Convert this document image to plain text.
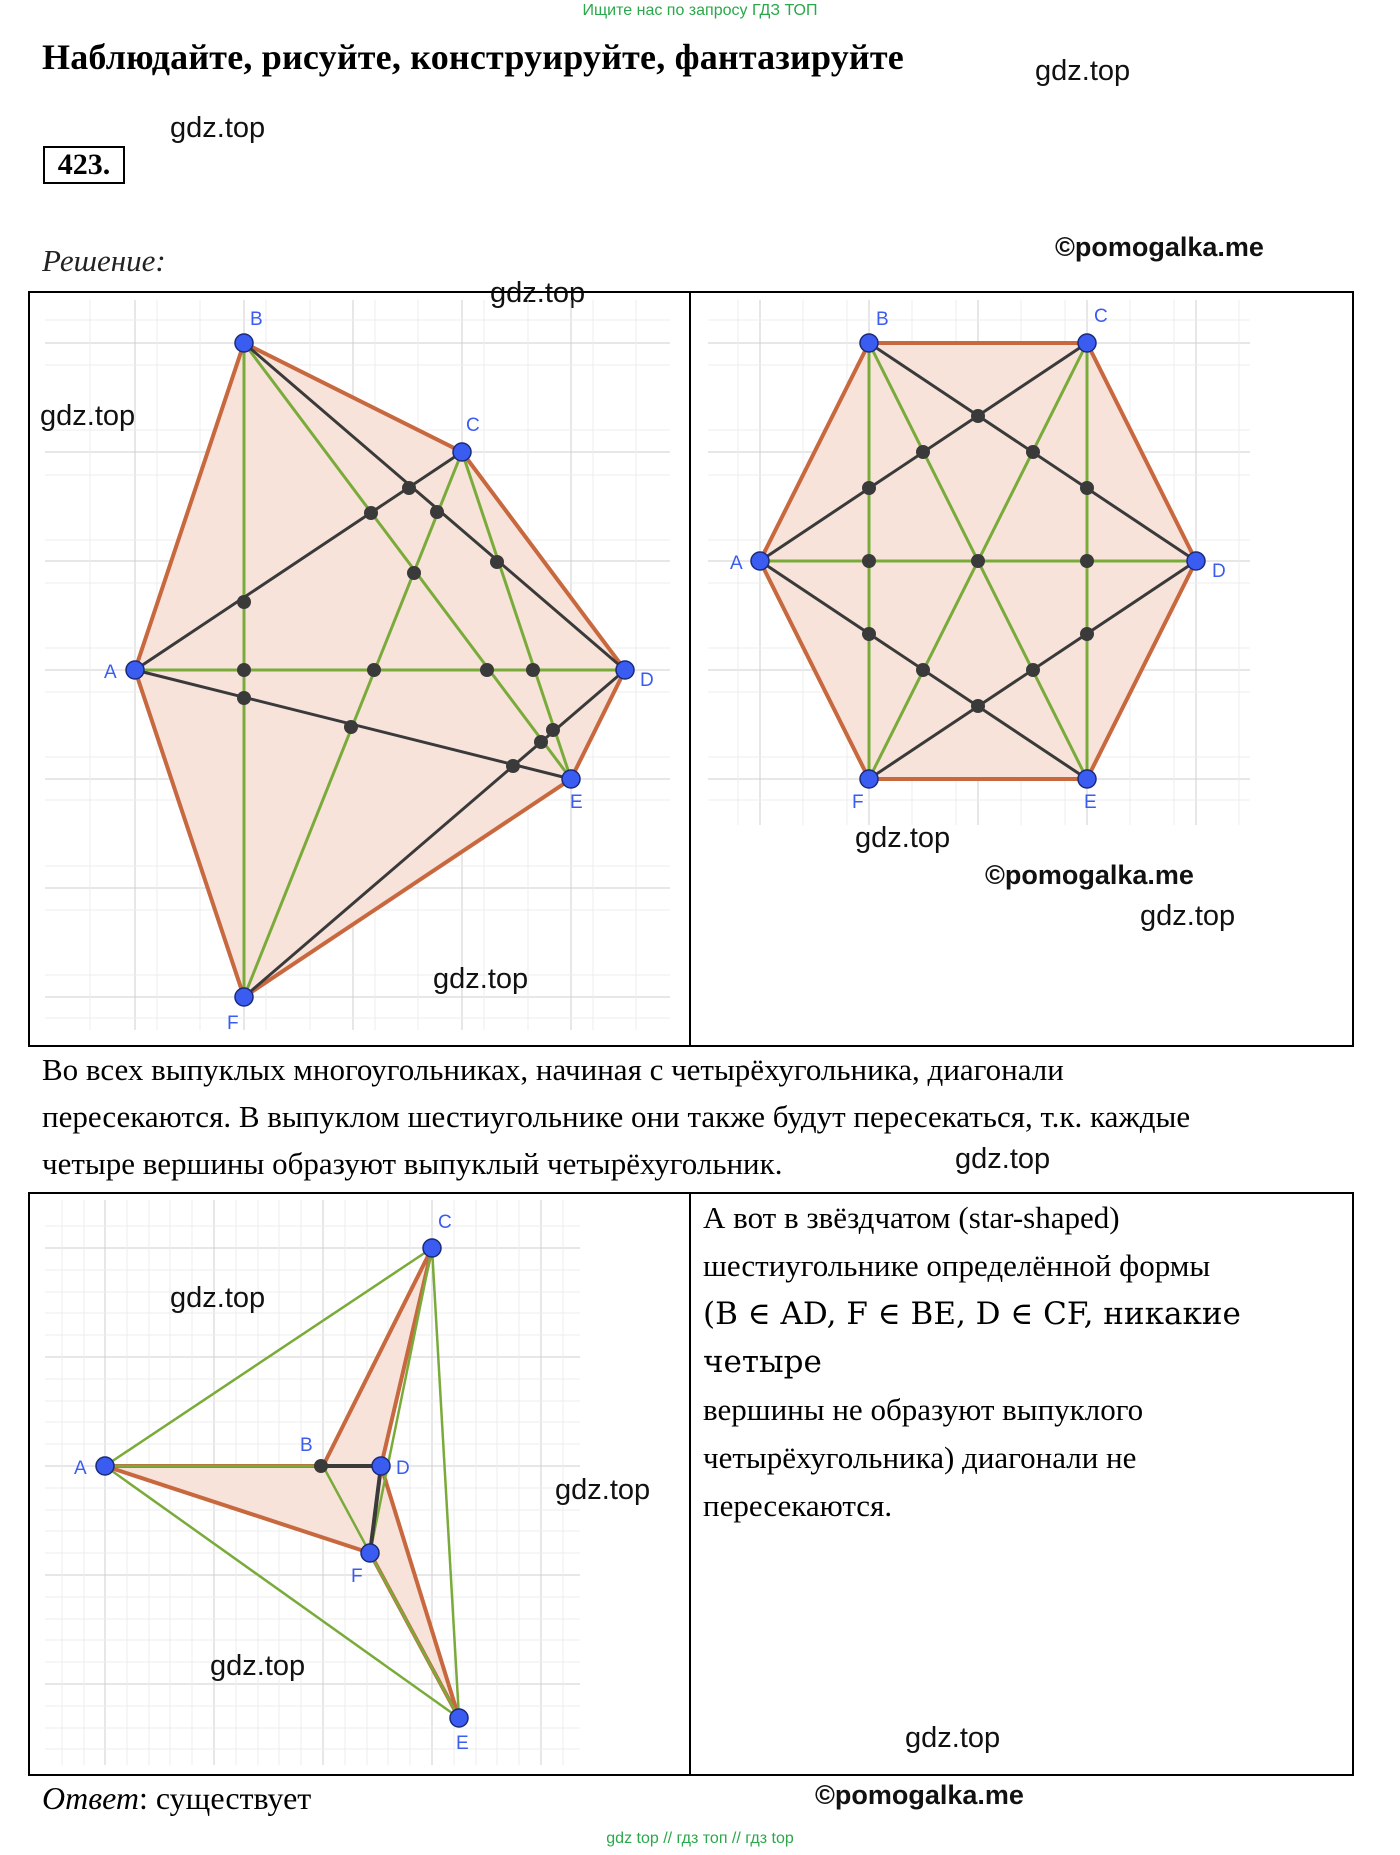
Ищите нас по запросу ГДЗ ТОП
Наблюдайте, рисуйте, конструируйте, фантазируйте	gdz.top
gdz.top
423.
Решение:	©pomogalka.me
gdz.top
A
B
C
D
E
F
gdz.top
gdz.top
A
B	C
D
E
F
gdz.top
©pomogalka.me
gdz.top
Во всех выпуклых многоугольниках, начиная с четырёхугольника, диагонали
пересекаются. В выпуклом шестиугольнике они также будут пересекаться, т.к. каждые
четыре вершины образуют выпуклый четырёхугольник.	gdz.top
A
B
C
D
E
F
gdz.top
gdz.top
gdz.top
А вот в звёздчатом (star-shaped)
шестиугольнике определённой формы
(B ∈ AD, F ∈ BE, D ∈ CF, никакие четыре
вершины не образуют выпуклого
четырёхугольника) диагонали не
пересекаются.
gdz.top
Ответ: существует	©pomogalka.me
gdz top // гдз топ // гдз top
